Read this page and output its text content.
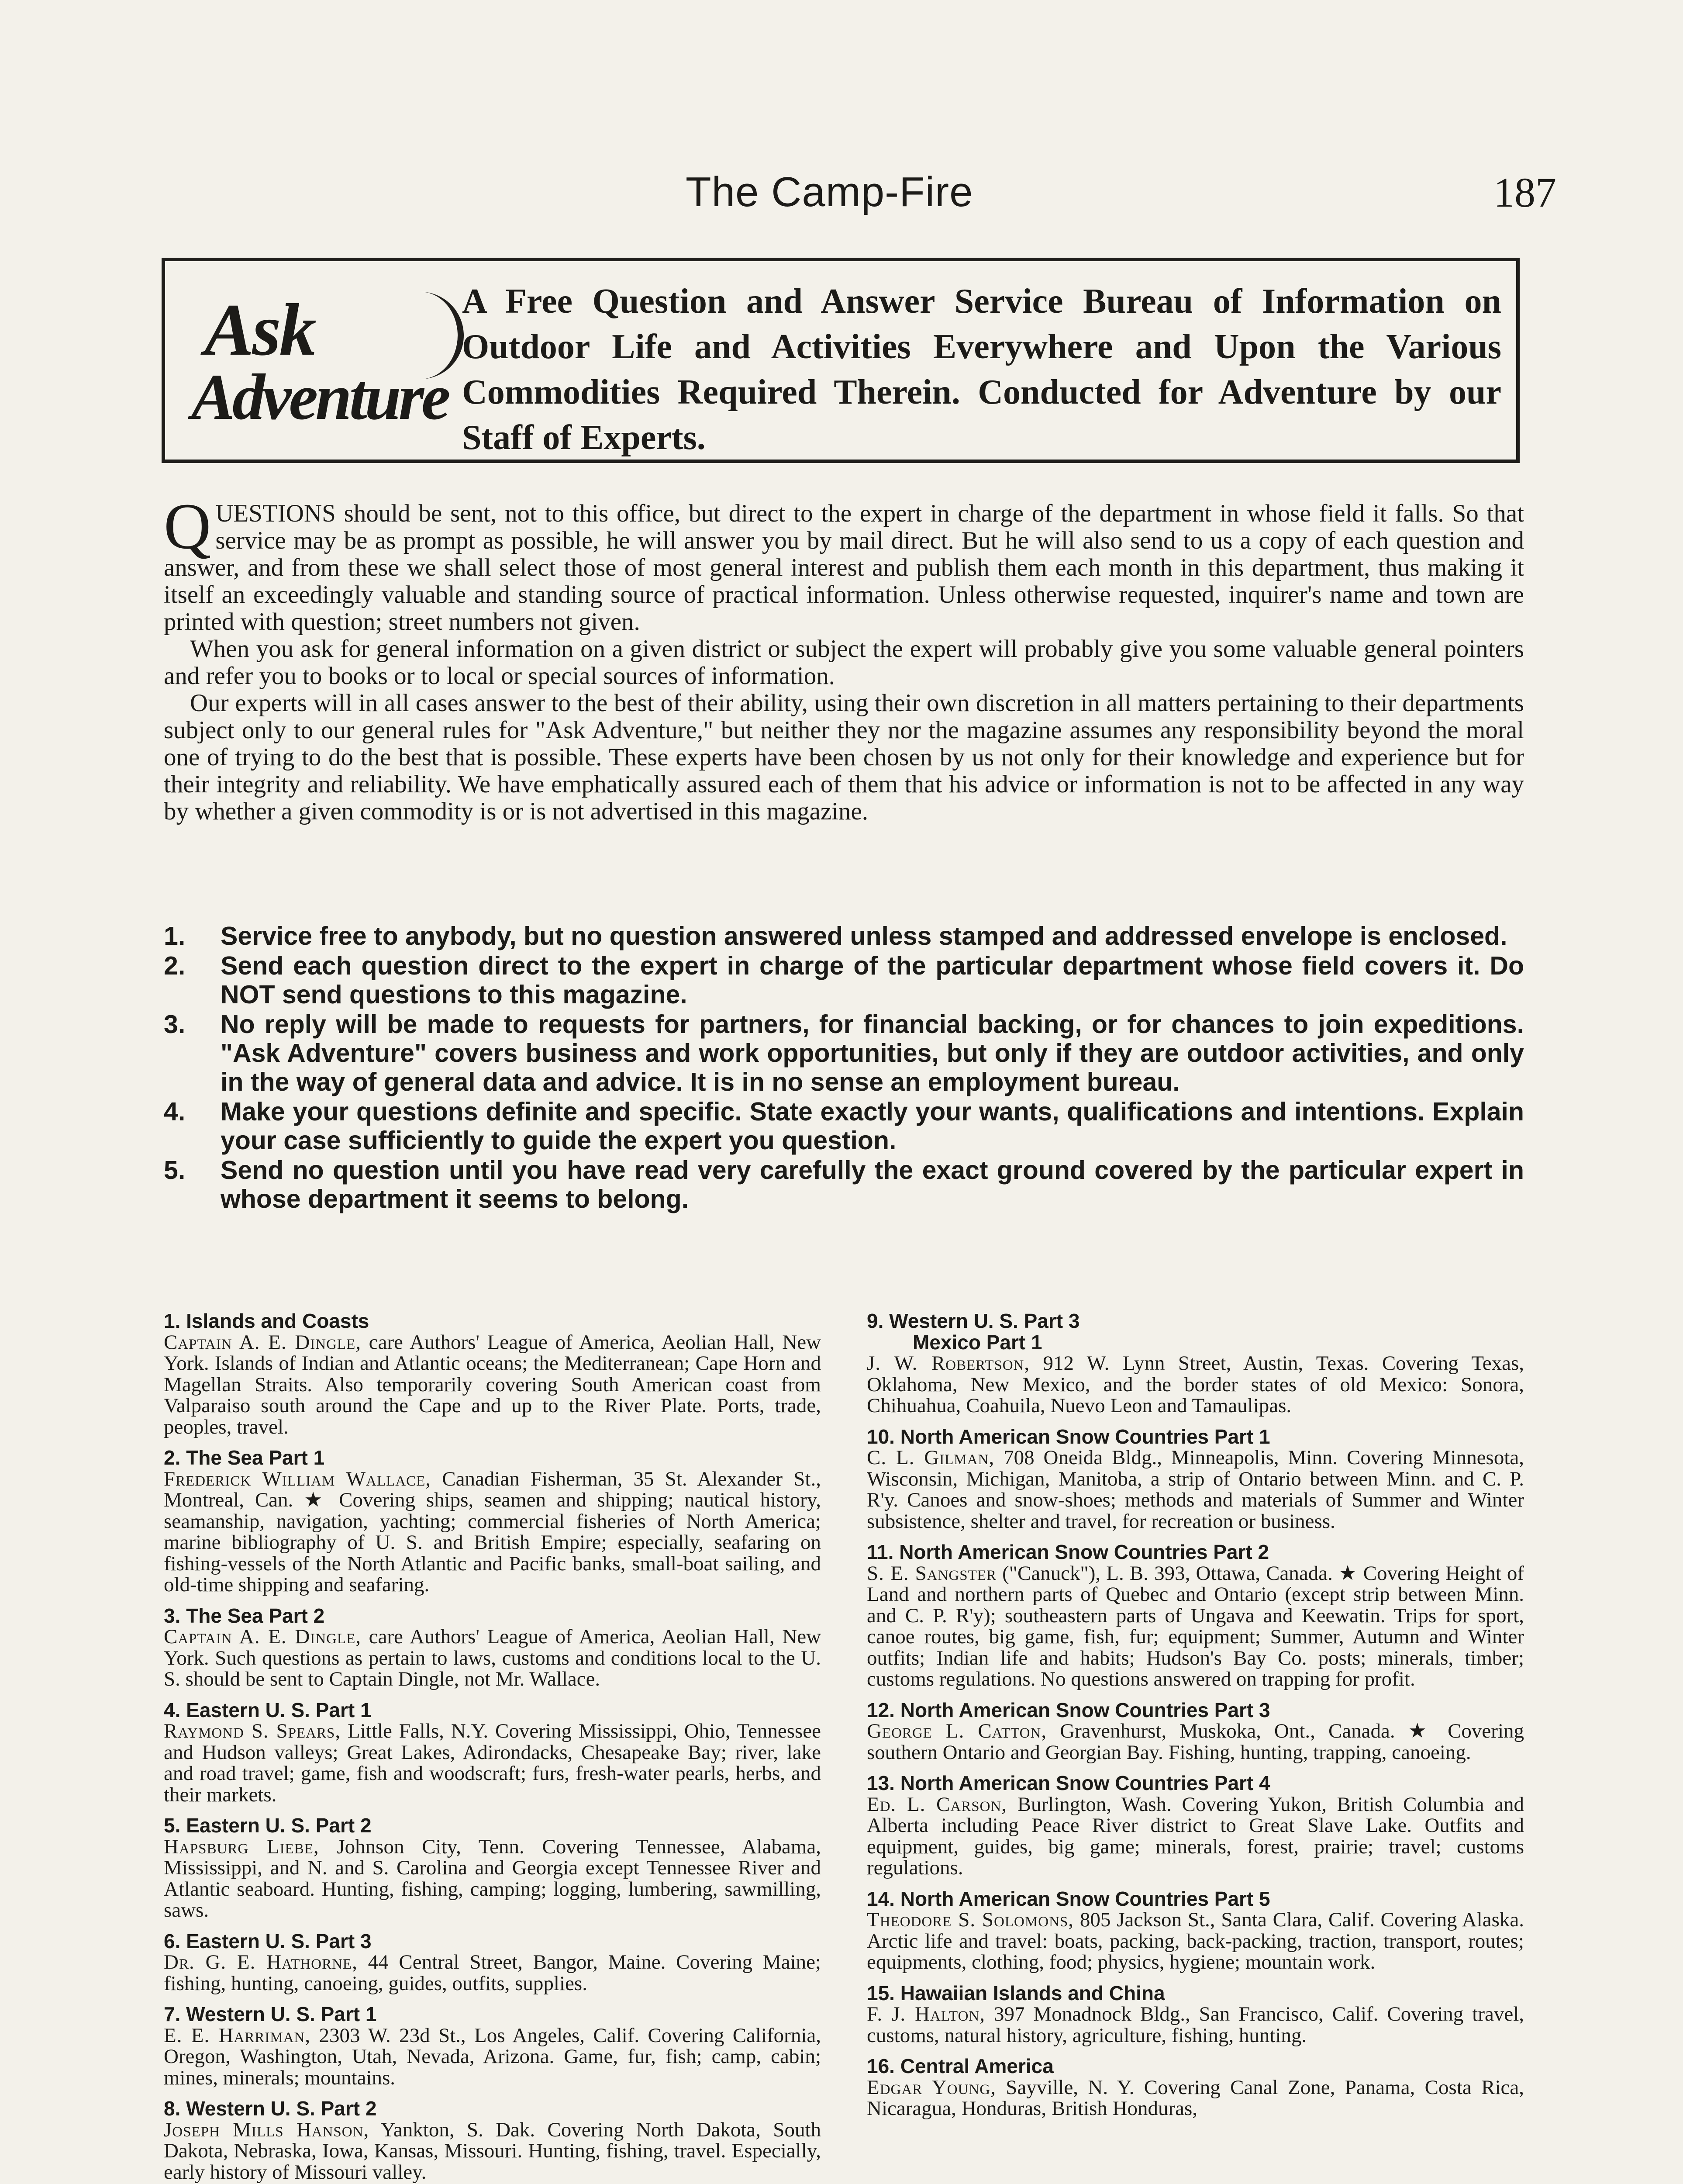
The Camp-Fire	187
Ask
Adventure
A Free Question and Answer Service Bureau of Information on Outdoor Life and Activities Everywhere and Upon the Various Commodities Required Therein. Conducted for Adventure by our Staff of Experts.

QUESTIONS should be sent, not to this office, but direct to the expert in charge of the department in whose field it falls. So that service may be as prompt as possible, he will answer you by mail direct. But he will also send to us a copy of each question and answer, and from these we shall select those of most general interest and publish them each month in this department, thus making it itself an exceedingly valuable and standing source of practical information. Unless otherwise requested, inquirer's name and town are printed with question; street numbers not given.

When you ask for general information on a given district or subject the expert will probably give you some valuable general pointers and refer you to books or to local or special sources of information.

Our experts will in all cases answer to the best of their ability, using their own discretion in all matters pertaining to their departments subject only to our general rules for "Ask Adventure," but neither they nor the magazine assumes any responsibility beyond the moral one of trying to do the best that is possible. These experts have been chosen by us not only for their knowledge and experience but for their integrity and reliability. We have emphatically assured each of them that his advice or information is not to be affected in any way by whether a given commodity is or is not advertised in this magazine.

1. Service free to anybody, but no question answered unless stamped and addressed envelope is enclosed.
2. Send each question direct to the expert in charge of the particular department whose field covers it. Do NOT send questions to this magazine.
3. No reply will be made to requests for partners, for financial backing, or for chances to join expeditions. "Ask Adventure" covers business and work opportunities, but only if they are outdoor activities, and only in the way of general data and advice. It is in no sense an employment bureau.
4. Make your questions definite and specific. State exactly your wants, qualifications and intentions. Explain your case sufficiently to guide the expert you question.
5. Send no question until you have read very carefully the exact ground covered by the particular expert in whose department it seems to belong.
1. Islands and Coasts
Captain A. E. Dingle, care Authors' League of America, Aeolian Hall, New York. Islands of Indian and Atlantic oceans; the Mediterranean; Cape Horn and Magellan Straits. Also temporarily covering South American coast from Valparaiso south around the Cape and up to the River Plate. Ports, trade, peoples, travel.
2. The Sea Part 1
Frederick William Wallace, Canadian Fisherman, 35 St. Alexander St., Montreal, Can. ★ Covering ships, seamen and shipping; nautical history, seamanship, navigation, yachting; commercial fisheries of North America; marine bibliography of U. S. and British Empire; especially, seafaring on fishing-vessels of the North Atlantic and Pacific banks, small-boat sailing, and old-time shipping and seafaring.
3. The Sea Part 2
Captain A. E. Dingle, care Authors' League of America, Aeolian Hall, New York. Such questions as pertain to laws, customs and conditions local to the U. S. should be sent to Captain Dingle, not Mr. Wallace.
4. Eastern U. S. Part 1
Raymond S. Spears, Little Falls, N.Y. Covering Mississippi, Ohio, Tennessee and Hudson valleys; Great Lakes, Adirondacks, Chesapeake Bay; river, lake and road travel; game, fish and woodscraft; furs, fresh-water pearls, herbs, and their markets.
5. Eastern U. S. Part 2
Hapsburg Liebe, Johnson City, Tenn. Covering Tennessee, Alabama, Mississippi, and N. and S. Carolina and Georgia except Tennessee River and Atlantic seaboard. Hunting, fishing, camping; logging, lumbering, sawmilling, saws.
6. Eastern U. S. Part 3
Dr. G. E. Hathorne, 44 Central Street, Bangor, Maine. Covering Maine; fishing, hunting, canoeing, guides, outfits, supplies.
7. Western U. S. Part 1
E. E. Harriman, 2303 W. 23d St., Los Angeles, Calif. Covering California, Oregon, Washington, Utah, Nevada, Arizona. Game, fur, fish; camp, cabin; mines, minerals; mountains.
8. Western U. S. Part 2
Joseph Mills Hanson, Yankton, S. Dak. Covering North Dakota, South Dakota, Nebraska, Iowa, Kansas, Missouri. Hunting, fishing, travel. Especially, early history of Missouri valley.
9. Western U. S. Part 3
Mexico Part 1
J. W. Robertson, 912 W. Lynn Street, Austin, Texas. Covering Texas, Oklahoma, New Mexico, and the border states of old Mexico: Sonora, Chihuahua, Coahuila, Nuevo Leon and Tamaulipas.
10. North American Snow Countries Part 1
C. L. Gilman, 708 Oneida Bldg., Minneapolis, Minn. Covering Minnesota, Wisconsin, Michigan, Manitoba, a strip of Ontario between Minn. and C. P. R'y. Canoes and snow-shoes; methods and materials of Summer and Winter subsistence, shelter and travel, for recreation or business.
11. North American Snow Countries Part 2
S. E. Sangster ("Canuck"), L. B. 393, Ottawa, Canada. ★ Covering Height of Land and northern parts of Quebec and Ontario (except strip between Minn. and C. P. R'y); southeastern parts of Ungava and Keewatin. Trips for sport, canoe routes, big game, fish, fur; equipment; Summer, Autumn and Winter outfits; Indian life and habits; Hudson's Bay Co. posts; minerals, timber; customs regulations. No questions answered on trapping for profit.
12. North American Snow Countries Part 3
George L. Catton, Gravenhurst, Muskoka, Ont., Canada. ★ Covering southern Ontario and Georgian Bay. Fishing, hunting, trapping, canoeing.
13. North American Snow Countries Part 4
Ed. L. Carson, Burlington, Wash. Covering Yukon, British Columbia and Alberta including Peace River district to Great Slave Lake. Outfits and equipment, guides, big game; minerals, forest, prairie; travel; customs regulations.
14. North American Snow Countries Part 5
Theodore S. Solomons, 805 Jackson St., Santa Clara, Calif. Covering Alaska. Arctic life and travel: boats, packing, back-packing, traction, transport, routes; equipments, clothing, food; physics, hygiene; mountain work.
15. Hawaiian Islands and China
F. J. Halton, 397 Monadnock Bldg., San Francisco, Calif. Covering travel, customs, natural history, agriculture, fishing, hunting.
16. Central America
Edgar Young, Sayville, N. Y. Covering Canal Zone, Panama, Costa Rica, Nicaragua, Honduras, British Honduras,
